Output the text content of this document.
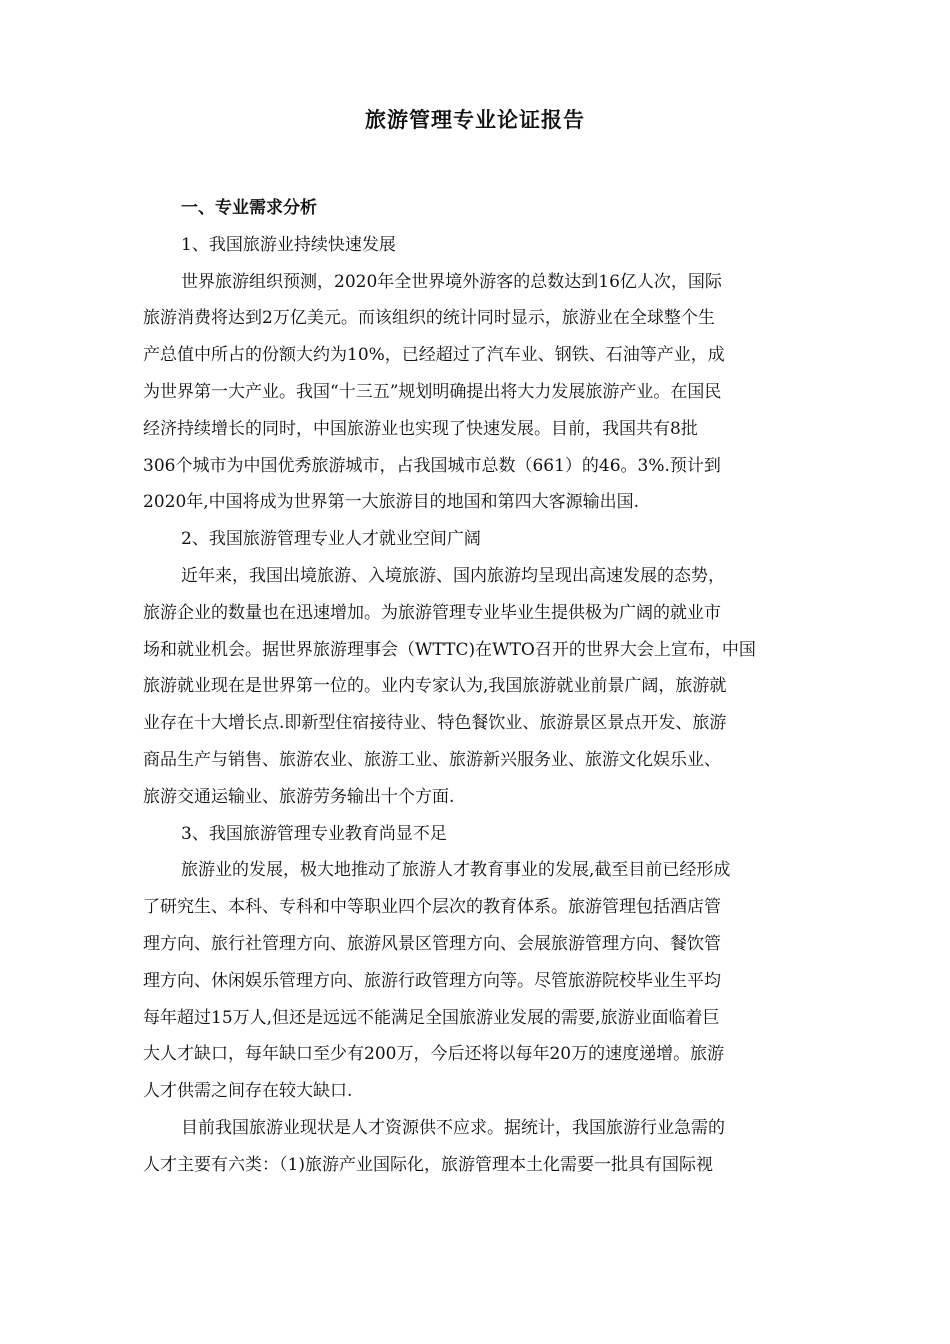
旅游管理专业论证报告
一、专业需求分析
1、我国旅游业持续快速发展
世界旅游组织预测，2020年全世界境外游客的总数达到16亿人次，国际
旅游消费将达到2万亿美元。而该组织的统计同时显示，旅游业在全球整个生
产总值中所占的份额大约为10%，已经超过了汽车业、钢铁、石油等产业，成
为世界第一大产业。我国“十三五”规划明确提出将大力发展旅游产业。在国民
经济持续增长的同时，中国旅游业也实现了快速发展。目前，我国共有8批
306个城市为中国优秀旅游城市，占我国城市总数（661）的46。3%.预计到
2020年,中国将成为世界第一大旅游目的地国和第四大客源输出国.
2、我国旅游管理专业人才就业空间广阔
近年来，我国出境旅游、入境旅游、国内旅游均呈现出高速发展的态势，
旅游企业的数量也在迅速增加。为旅游管理专业毕业生提供极为广阔的就业市
场和就业机会。据世界旅游理事会（WTTC)在WTO召开的世界大会上宣布，中国
旅游就业现在是世界第一位的。业内专家认为,我国旅游就业前景广阔，旅游就
业存在十大增长点.即新型住宿接待业、特色餐饮业、旅游景区景点开发、旅游
商品生产与销售、旅游农业、旅游工业、旅游新兴服务业、旅游文化娱乐业、
旅游交通运输业、旅游劳务输出十个方面.
3、我国旅游管理专业教育尚显不足
旅游业的发展，极大地推动了旅游人才教育事业的发展,截至目前已经形成
了研究生、本科、专科和中等职业四个层次的教育体系。旅游管理包括酒店管
理方向、旅行社管理方向、旅游风景区管理方向、会展旅游管理方向、餐饮管
理方向、休闲娱乐管理方向、旅游行政管理方向等。尽管旅游院校毕业生平均
每年超过15万人,但还是远远不能满足全国旅游业发展的需要,旅游业面临着巨
大人才缺口，每年缺口至少有200万，今后还将以每年20万的速度递增。旅游
人才供需之间存在较大缺口.
目前我国旅游业现状是人才资源供不应求。据统计，我国旅游行业急需的
人才主要有六类：（1)旅游产业国际化，旅游管理本土化需要一批具有国际视
